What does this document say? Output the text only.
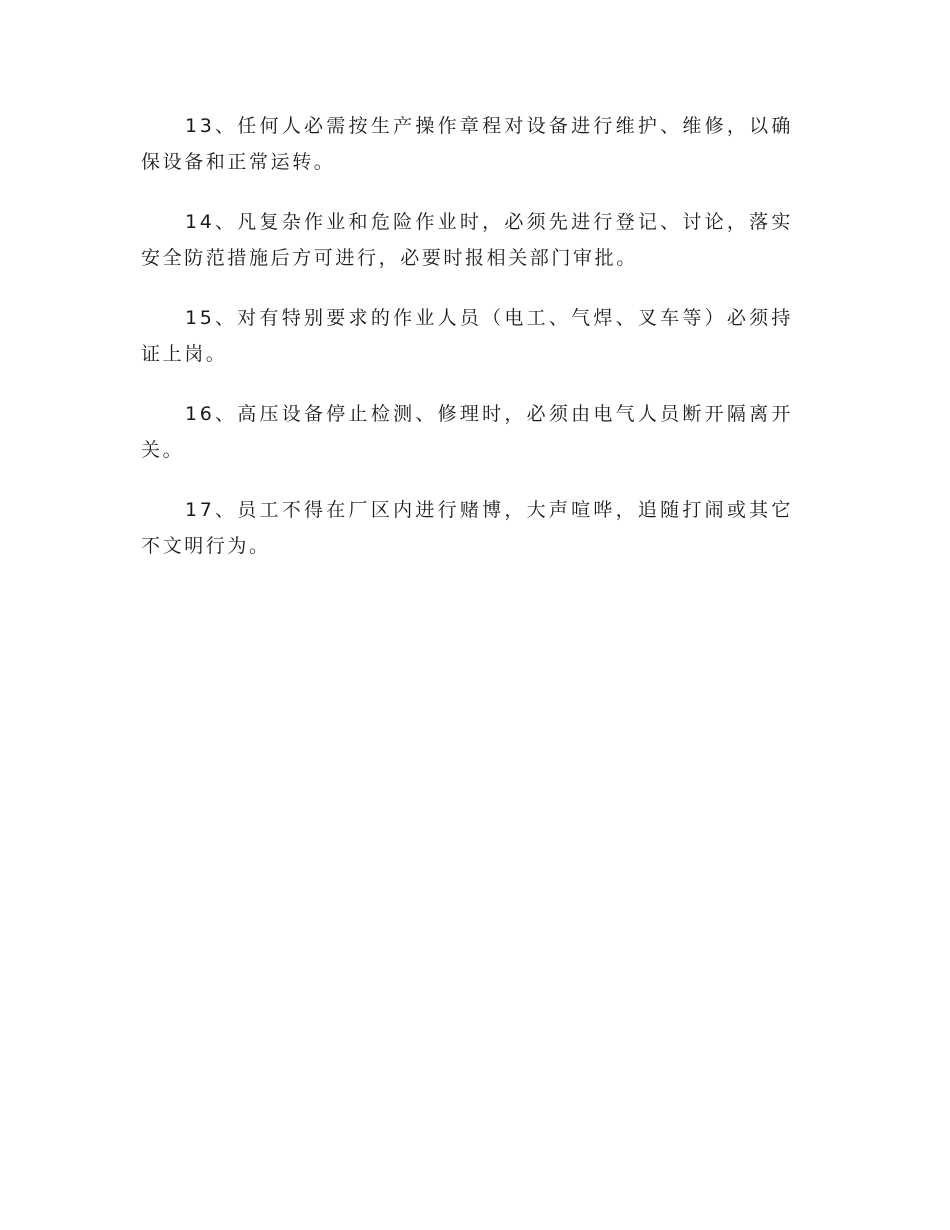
13、任何人必需按生产操作章程对设备进行维护、维修，以确保设备和正常运转。

14、凡复杂作业和危险作业时，必须先进行登记、讨论，落实安全防范措施后方可进行，必要时报相关部门审批。

15、对有特别要求的作业人员（电工、气焊、叉车等）必须持证上岗。

16、高压设备停止检测、修理时，必须由电气人员断开隔离开关。

17、员工不得在厂区内进行赌博，大声喧哗，追随打闹或其它不文明行为。
